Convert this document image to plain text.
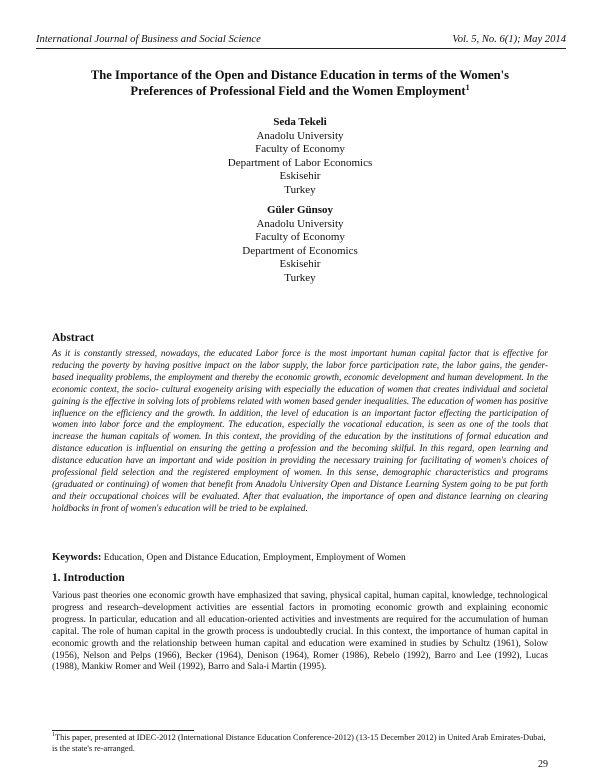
International Journal of Business and Social Science	Vol. 5, No. 6(1); May 2014
The Importance of the Open and Distance Education in terms of the Women's Preferences of Professional Field and the Women Employment$^1$
Seda Tekeli
Anadolu University
Faculty of Economy
Department of Labor Economics
Eskisehir
Turkey
Güler Günsoy
Anadolu University
Faculty of Economy
Department of Economics
Eskisehir
Turkey
Abstract

As it is constantly stressed, nowadays, the educated Labor force is the most important human capital factor that is effective for reducing the poverty by having positive impact on the labor supply, the labor force participation rate, the labor gains, the gender-based inequality problems, the employment and thereby the economic growth, economic development and human development. In the economic context, the socio- cultural exogeneity arising with especially the education of women that creates individual and societal gaining is the effective in solving lots of problems related with women based gender inequalities. The education of women has positive influence on the efficiency and the growth. In addition, the level of education is an important factor effecting the participation of women into labor force and the employment. The education, especially the vocational education, is seen as one of the tools that increase the human capitals of women. In this context, the providing of the education by the institutions of formal education and distance education is influential on ensuring the getting a profession and the becoming skilful. In this regard, open learning and distance education have an important and wide position in providing the necessary training for facilitating of women's choices of professional field selection and the registered employment of women. In this sense, demographic characteristics and programs (graduated or continuing) of women that benefit from Anadolu University Open and Distance Learning System going to be put forth and their occupational choices will be evaluated. After that evaluation, the importance of open and distance learning on clearing holdbacks in front of women's education will be tried to be explained.

Keywords: Education, Open and Distance Education, Employment, Employment of Women

1. Introduction

Various past theories one economic growth have emphasized that saving, physical capital, human capital, knowledge, technological progress and research–development activities are essential factors in promoting economic growth and explaining economic progress. In particular, education and all education-oriented activities and investments are required for the accumulation of human capital. The role of human capital in the growth process is undoubtedly crucial. In this context, the importance of human capital in economic growth and the relationship between human capital and education were examined in studies by Schultz (1961), Solow (1956), Nelson and Pelps (1966), Becker (1964), Denison (1964), Romer (1986), Rebelo (1992), Barro and Lee (1992), Lucas (1988), Mankiw Romer and Weil (1992), Barro and Sala-i Martin (1995).

$^1$This paper, presented at IDEC-2012 (International Distance Education Conference-2012) (13-15 December 2012) in United Arab Emirates-Dubai, is the state's re-arranged.

29
